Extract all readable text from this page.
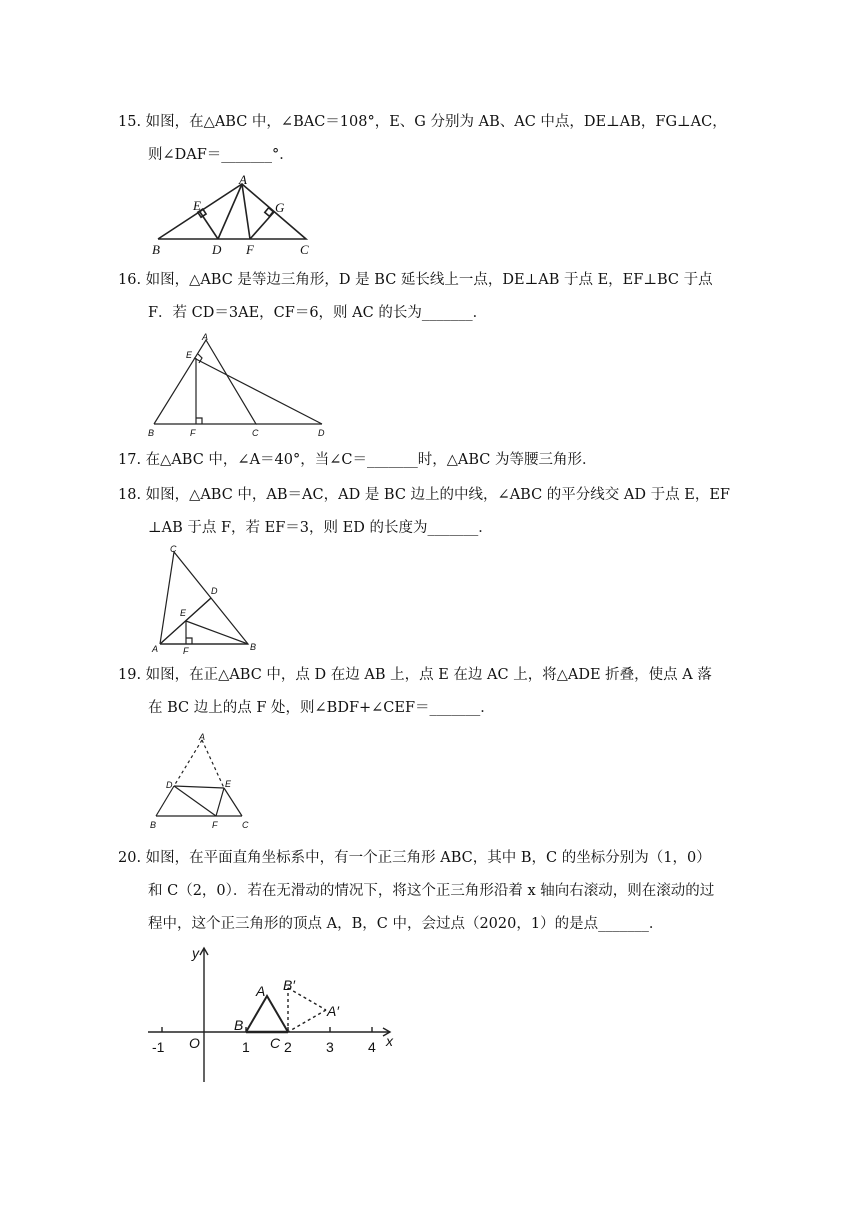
15. 如图，在△ABC 中，∠BAC＝108°，E、G 分别为 AB、AC 中点，DE⊥AB，FG⊥AC，
则∠DAF＝_______°．
A
B	C
D
E
F
G
16. 如图，△ABC 是等边三角形，D 是 BC 延长线上一点，DE⊥AB 于点 E，EF⊥BC 于点
F．若 CD＝3AE，CF＝6，则 AC 的长为_______．
A
B	C	D
E
F
17. 在△ABC 中，∠A＝40°，当∠C＝_______时，△ABC 为等腰三角形．
18. 如图，△ABC 中，AB＝AC，AD 是 BC 边上的中线，∠ABC 的平分线交 AD 于点 E，EF
⊥AB 于点 F，若 EF＝3，则 ED 的长度为_______．
A	B
C
D
E
F
19. 如图，在正△ABC 中，点 D 在边 AB 上，点 E 在边 AC 上，将△ADE 折叠，使点 A 落
在 BC 边上的点 F 处，则∠BDF+∠CEF＝_______．
A
B	C
D	E
F
20. 如图，在平面直角坐标系中，有一个正三角形 ABC，其中 B，C 的坐标分别为（1，0）
和 C（2，0）．若在无滑动的情况下，将这个正三角形沿着 x 轴向右滚动，则在滚动的过
程中，这个正三角形的顶点 A，B，C 中，会过点（2020，1）的是点_______．
y
x
O
-1	1 2 3 4
A
B
C
B′
A′
